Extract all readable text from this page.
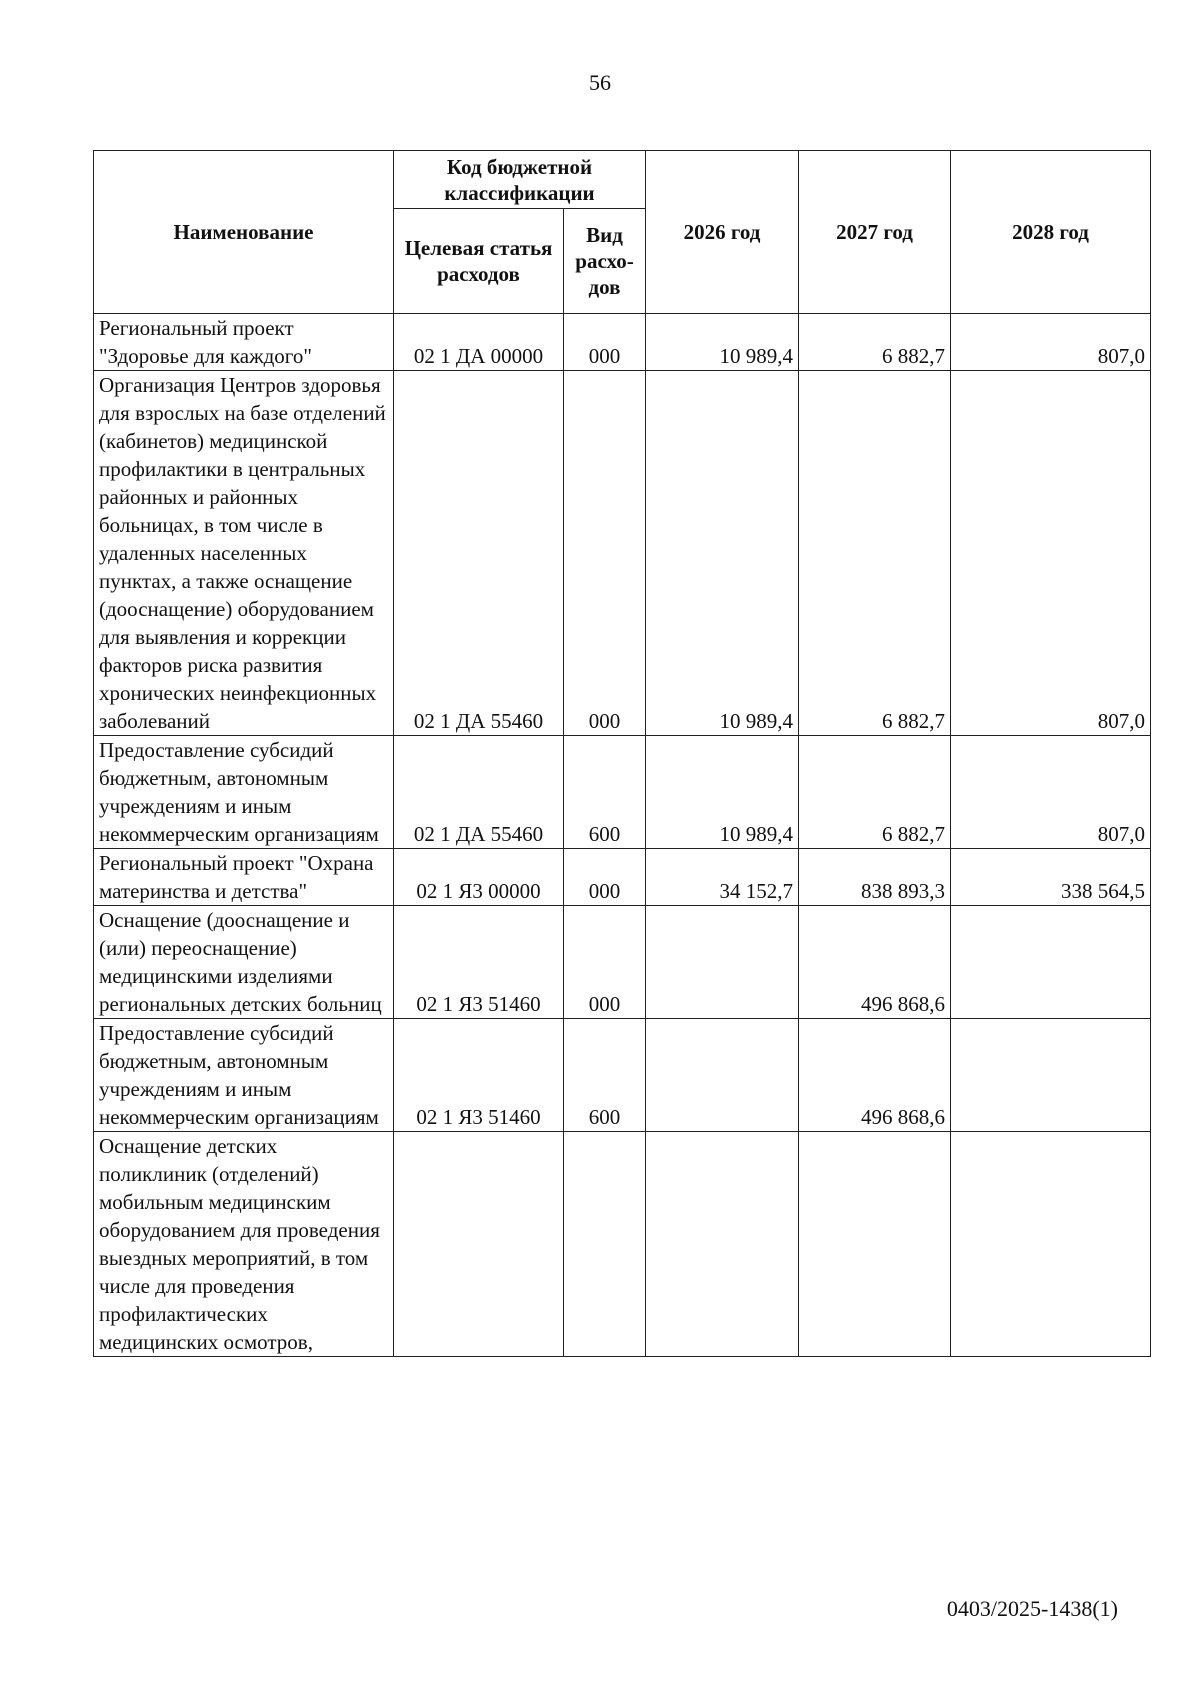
56
Наименование	Код бюджетной классификации		2026 год	2027 год	2028 год
	Целевая статья расходов	Вид расхо-дов			
Региональный проект "Здоровье для каждого"	02 1 ДА 00000	000	10 989,4	6 882,7	807,0
Организация Центров здоровья для взрослых на базе отделений (кабинетов) медицинской профилактики в центральных районных и районных больницах, в том числе в удаленных населенных пунктах, а также оснащение (дооснащение) оборудованием для выявления и коррекции факторов риска развития хронических неинфекционных заболеваний	02 1 ДА 55460	000	10 989,4	6 882,7	807,0
Предоставление субсидий бюджетным, автономным учреждениям и иным некоммерческим организациям	02 1 ДА 55460	600	10 989,4	6 882,7	807,0
Региональный проект "Охрана материнства и детства"	02 1 Я3 00000	000	34 152,7	838 893,3	338 564,5
Оснащение (дооснащение и (или) переоснащение) медицинскими изделиями региональных детских больниц	02 1 Я3 51460	000		496 868,6	
Предоставление субсидий бюджетным, автономным учреждениям и иным некоммерческим организациям	02 1 Я3 51460	600		496 868,6	
Оснащение детских поликлиник (отделений) мобильным медицинским оборудованием для проведения выездных мероприятий, в том числе для проведения профилактических медицинских осмотров,					
0403/2025-1438(1)
